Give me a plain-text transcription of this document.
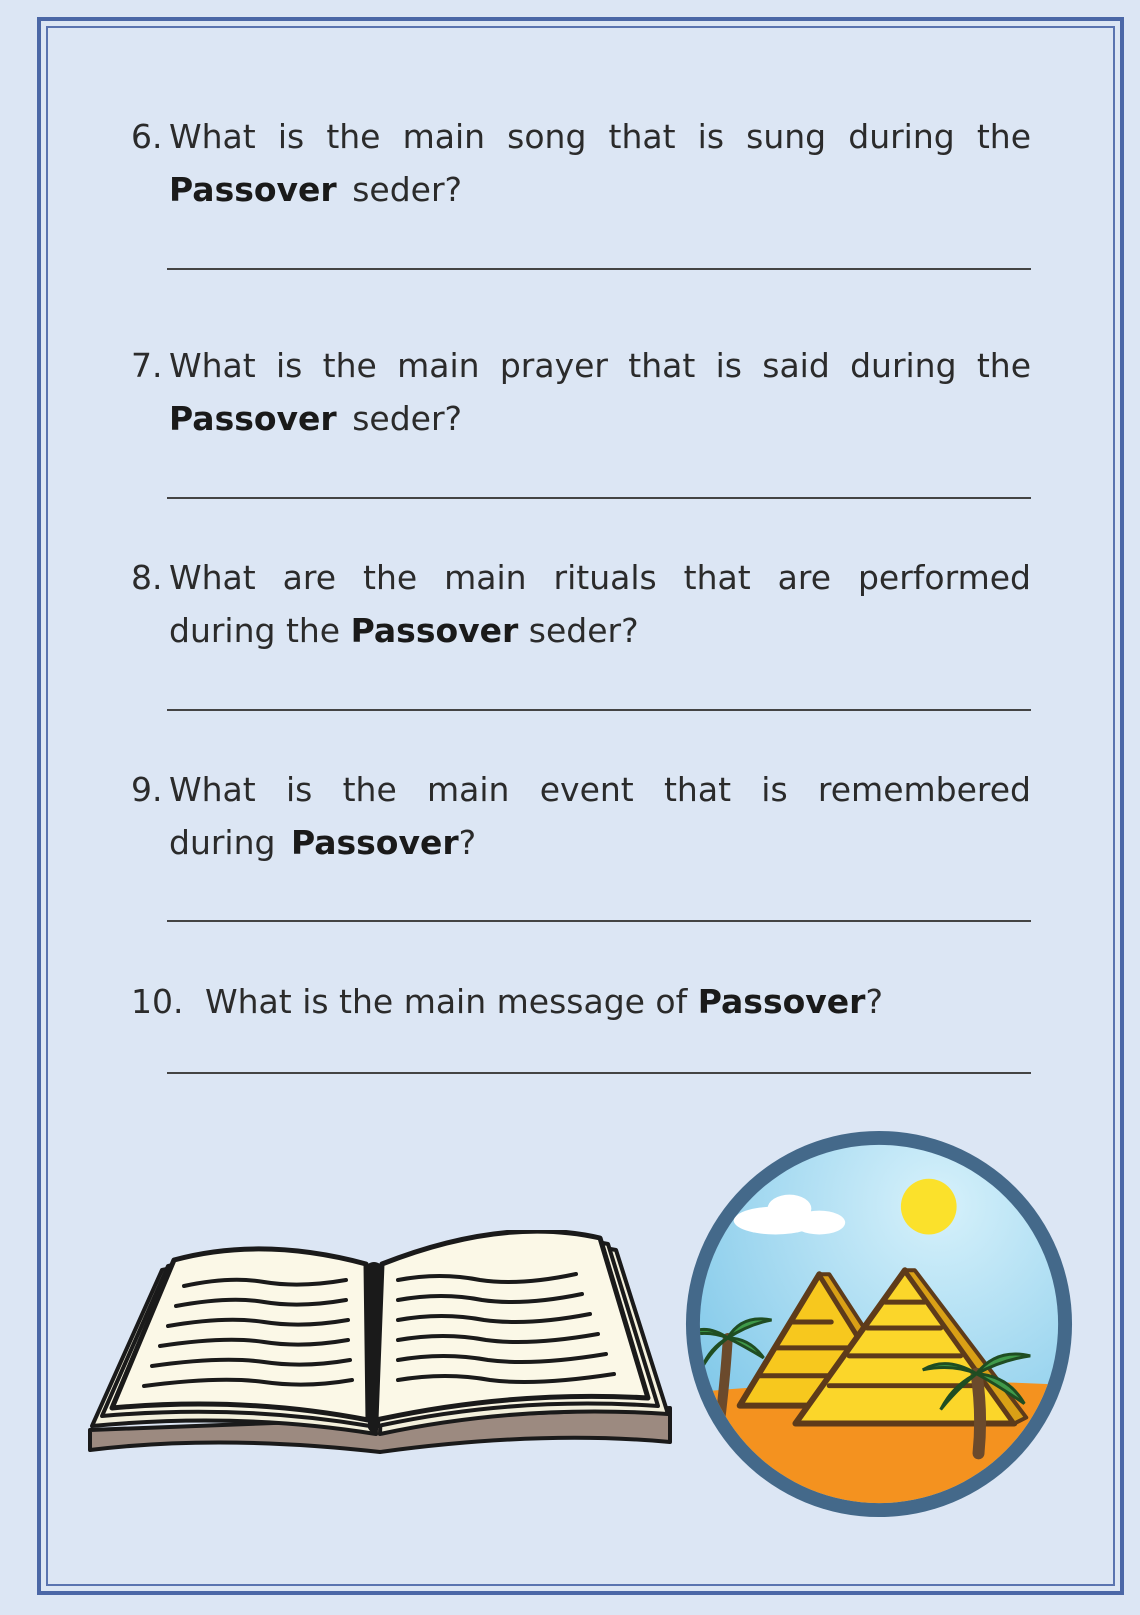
6. What is the main song that is sung during the Passover seder?
7. What is the main prayer that is said during the Passover seder?
8. What are the main rituals that are performed during the Passover seder?
9. What is the main event that is remembered during Passover?
10. What is the main message of Passover?
